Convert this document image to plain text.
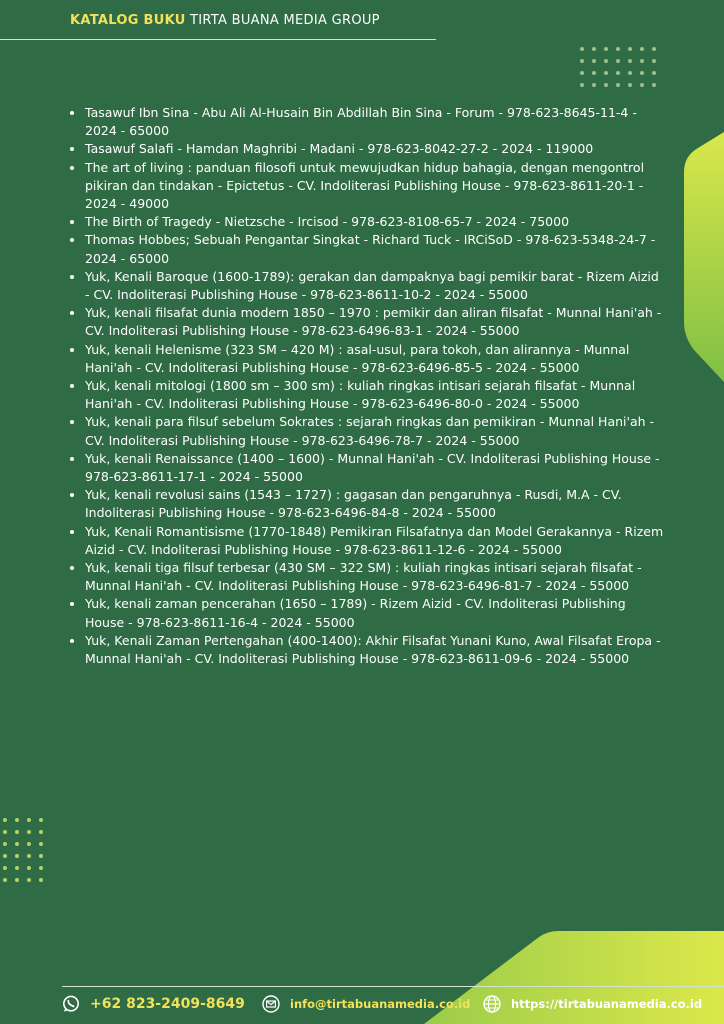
KATALOG BUKU TIRTA BUANA MEDIA GROUP
• Tasawuf Ibn Sina - Abu Ali Al-Husain Bin Abdillah Bin Sina - Forum - 978-623-8645-11-4 - 2024 - 65000
• Tasawuf Salafi - Hamdan Maghribi - Madani - 978-623-8042-27-2 - 2024 - 119000
• The art of living : panduan filosofi untuk mewujudkan hidup bahagia, dengan mengontrol pikiran dan tindakan - Epictetus - CV. Indoliterasi Publishing House - 978-623-8611-20-1 - 2024 - 49000
• The Birth of Tragedy - Nietzsche - Ircisod - 978-623-8108-65-7 - 2024 - 75000
• Thomas Hobbes; Sebuah Pengantar Singkat - Richard Tuck - IRCiSoD - 978-623-5348-24-7 - 2024 - 65000
• Yuk, Kenali Baroque (1600-1789): gerakan dan dampaknya bagi pemikir barat - Rizem Aizid - CV. Indoliterasi Publishing House - 978-623-8611-10-2 - 2024 - 55000
• Yuk, kenali filsafat dunia modern 1850 – 1970 : pemikir dan aliran filsafat - Munnal Hani'ah - CV. Indoliterasi Publishing House - 978-623-6496-83-1 - 2024 - 55000
• Yuk, kenali Helenisme (323 SM – 420 M) : asal-usul, para tokoh, dan alirannya - Munnal Hani'ah - CV. Indoliterasi Publishing House - 978-623-6496-85-5 - 2024 - 55000
• Yuk, kenali mitologi (1800 sm – 300 sm) : kuliah ringkas intisari sejarah filsafat - Munnal Hani'ah - CV. Indoliterasi Publishing House - 978-623-6496-80-0 - 2024 - 55000
• Yuk, kenali para filsuf sebelum Sokrates : sejarah ringkas dan pemikiran - Munnal Hani'ah - CV. Indoliterasi Publishing House - 978-623-6496-78-7 - 2024 - 55000
• Yuk, kenali Renaissance (1400 – 1600) - Munnal Hani'ah - CV. Indoliterasi Publishing House - 978-623-8611-17-1 - 2024 - 55000
• Yuk, kenali revolusi sains (1543 – 1727) : gagasan dan pengaruhnya - Rusdi, M.A - CV. Indoliterasi Publishing House - 978-623-6496-84-8 - 2024 - 55000
• Yuk, Kenali Romantisisme (1770-1848) Pemikiran Filsafatnya dan Model Gerakannya - Rizem Aizid - CV. Indoliterasi Publishing House - 978-623-8611-12-6 - 2024 - 55000
• Yuk, kenali tiga filsuf terbesar (430 SM – 322 SM) : kuliah ringkas intisari sejarah filsafat - Munnal Hani'ah - CV. Indoliterasi Publishing House - 978-623-6496-81-7 - 2024 - 55000
• Yuk, kenali zaman pencerahan (1650 – 1789) - Rizem Aizid - CV. Indoliterasi Publishing House - 978-623-8611-16-4 - 2024 - 55000
• Yuk, Kenali Zaman Pertengahan (400-1400): Akhir Filsafat Yunani Kuno, Awal Filsafat Eropa - Munnal Hani'ah - CV. Indoliterasi Publishing House - 978-623-8611-09-6 - 2024 - 55000
+62 823-2409-8649	info@tirtabuanamedia.co.id	https://tirtabuanamedia.co.id
